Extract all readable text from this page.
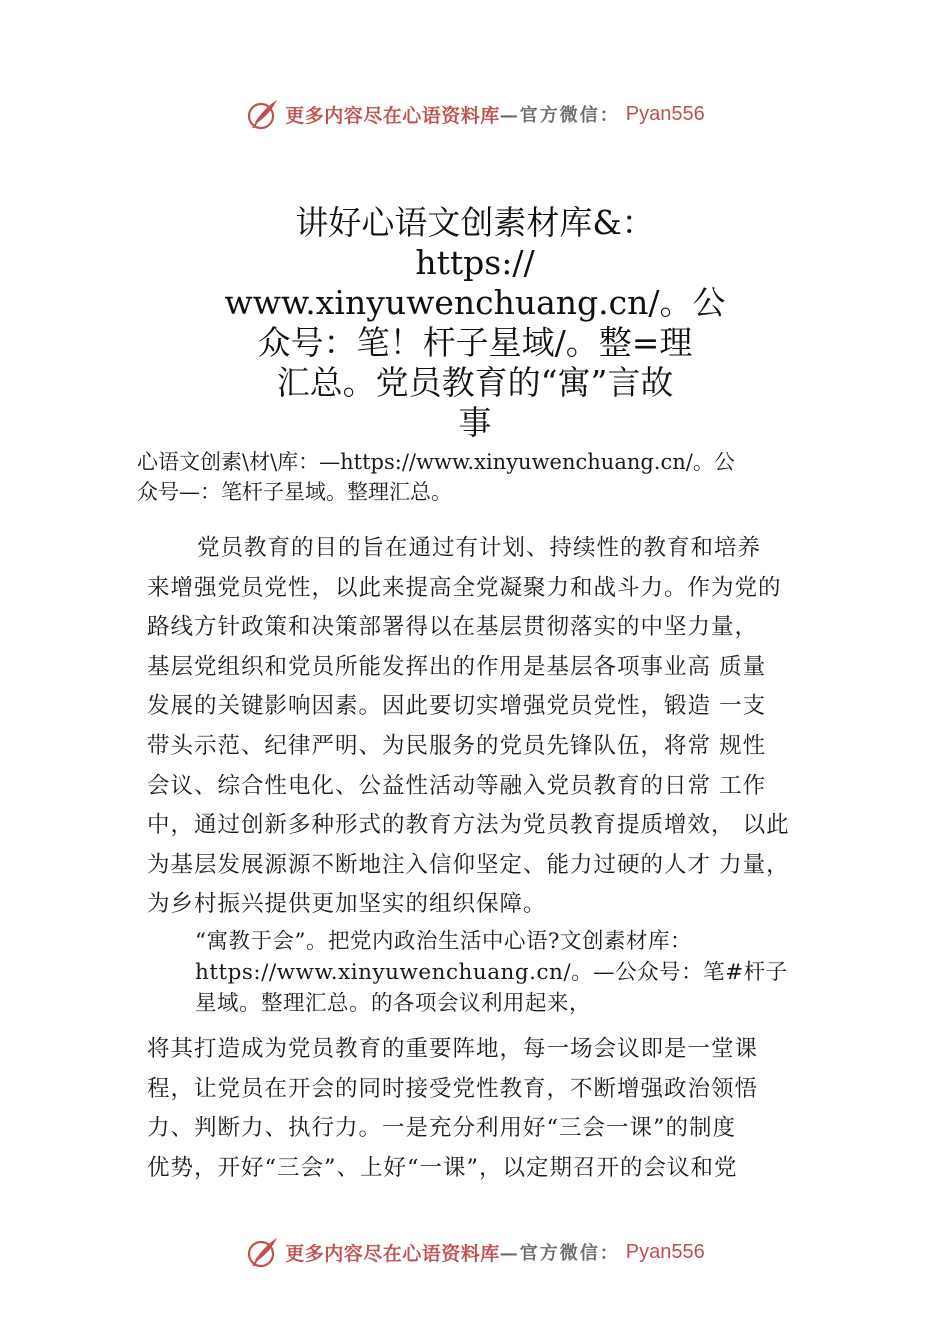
更多内容尽在心语资料库 —官方微信： Pyan556
讲好心语文创素材库&：
https://
www.xinyuwenchuang.cn/。公
众号：笔！杆子星域/。整=理
汇总。党员教育的“寓”言故
事
心语文创素\材\库：—https://www.xinyuwenchuang.cn/。公
众号—：笔杆子星域。整理汇总。
党员教育的目的旨在通过有计划、持续性的教育和培养
来增强党员党性，以此来提高全党凝聚力和战斗力。作为党的
路线方针政策和决策部署得以在基层贯彻落实的中坚力量，
基层党组织和党员所能发挥出的作用是基层各项事业高 质量
发展的关键影响因素。因此要切实增强党员党性，锻造 一支
带头示范、纪律严明、为民服务的党员先锋队伍，将常 规性
会议、综合性电化、公益性活动等融入党员教育的日常 工作
中，通过创新多种形式的教育方法为党员教育提质增效， 以此
为基层发展源源不断地注入信仰坚定、能力过硬的人才 力量，
为乡村振兴提供更加坚实的组织保障。
“寓教于会”。把党内政治生活中心语?文创素材库：
https://www.xinyuwenchuang.cn/。—公众号：笔#杆子
星域。整理汇总。的各项会议利用起来，
将其打造成为党员教育的重要阵地，每一场会议即是一堂课
程，让党员在开会的同时接受党性教育，不断增强政治领悟
力、判断力、执行力。一是充分利用好“三会一课”的制度
优势，开好“三会”、上好“一课”，以定期召开的会议和党
更多内容尽在心语资料库 —官方微信： Pyan556
